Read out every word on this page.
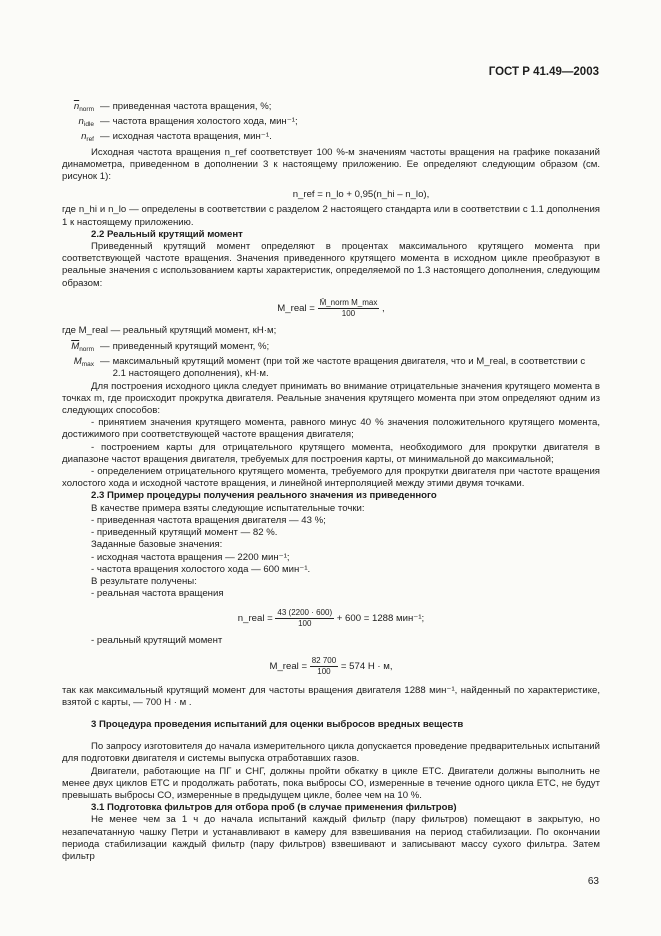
ГОСТ Р 41.49—2003
$\overline{n}_{norm}$ — приведенная частота вращения, %;
$n_{idle}$ — частота вращения холостого хода, мин⁻¹;
$n_{ref}$ — исходная частота вращения, мин⁻¹.

Исходная частота вращения n_ref соответствует 100 %-м значениям частоты вращения на графике показаний динамометра, приведенном в дополнении 3 к настоящему приложению. Ее определяют следующим образом (см. рисунок 1):

n_ref = n_lo + 0,95(n_hi – n_lo),

где n_hi и n_lo — определены в соответствии с разделом 2 настоящего стандарта или в соответствии с 1.1 дополнения 1 к настоящему приложению.

2.2 Реальный крутящий момент

Приведенный крутящий момент определяют в процентах максимального крутящего момента при соответствующей частоте вращения. Значения приведенного крутящего момента в исходном цикле преобразуют в реальные значения с использованием карты характеристик, определяемой по 1.3 настоящего дополнения, следующим образом:

M_real = $\frac{\text{M̄\_norm M\_max}}{100}$ ,

где M_real — реальный крутящий момент, кН·м;

$\overline{M}_{norm}$ — приведенный крутящий момент, %;
$M_{max}$ — максимальный крутящий момент (при той же частоте вращения двигателя, что и M_real, в соответствии с 2.1 настоящего дополнения), кН·м.

Для построения исходного цикла следует принимать во внимание отрицательные значения крутящего момента в точках m, где происходит прокрутка двигателя. Реальные значения крутящего момента при этом определяют одним из следующих способов:

- принятием значения крутящего момента, равного минус 40 % значения положительного крутящего момента, достижимого при соответствующей частоте вращения двигателя;

- построением карты для отрицательного крутящего момента, необходимого для прокрутки двигателя в диапазоне частот вращения двигателя, требуемых для построения карты, от минимальной до максимальной;

- определением отрицательного крутящего момента, требуемого для прокрутки двигателя при частоте вращения холостого хода и исходной частоте вращения, и линейной интерполяцией между этими двумя точками.

2.3 Пример процедуры получения реального значения из приведенного

В качестве примера взяты следующие испытательные точки:

- приведенная частота вращения двигателя — 43 %;

- приведенный крутящий момент — 82 %.

Заданные базовые значения:

- исходная частота вращения — 2200 мин⁻¹;

- частота вращения холостого хода — 600 мин⁻¹.

В результате получены:

- реальная частота вращения

n_real = $\frac{43 (2200 \cdot 600)}{100} + 600 = 1288$ мин⁻¹;

- реальный крутящий момент

M_real = $\frac{82 700}{100} = 574$ Н · м,

так как максимальный крутящий момент для частоты вращения двигателя 1288 мин⁻¹, найденный по характеристике, взятой с карты, — 700 Н · м .

3 Процедура проведения испытаний для оценки выбросов вредных веществ

По запросу изготовителя до начала измерительного цикла допускается проведение предварительных испытаний для подготовки двигателя и системы выпуска отработавших газов.

Двигатели, работающие на ПГ и СНГ, должны пройти обкатку в цикле ETC. Двигатели должны выполнить не менее двух циклов ETC и продолжать работать, пока выбросы CO, измеренные в течение одного цикла ETC, не будут превышать выбросы CO, измеренные в предыдущем цикле, более чем на 10 %.

3.1 Подготовка фильтров для отбора проб (в случае применения фильтров)

Не менее чем за 1 ч до начала испытаний каждый фильтр (пару фильтров) помещают в закрытую, но незапечатанную чашку Петри и устанавливают в камеру для взвешивания на период стабилизации. По окончании периода стабилизации каждый фильтр (пару фильтров) взвешивают и записывают массу сухого фильтра. Затем фильтр

63
